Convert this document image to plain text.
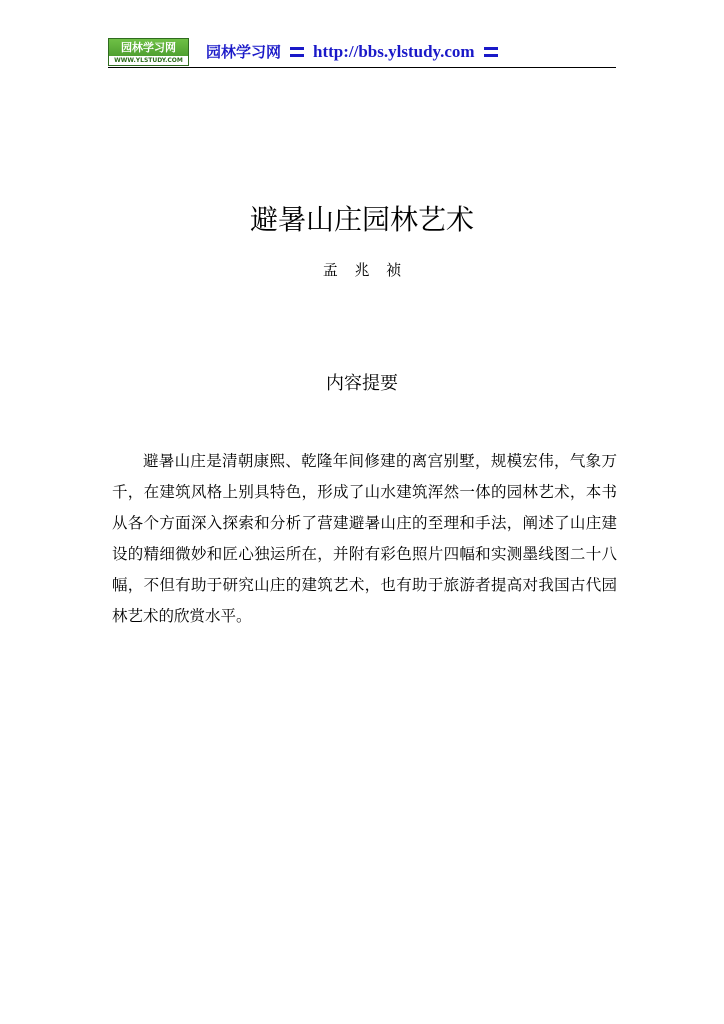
园林学习网
WWW.YLSTUDY.COM	园林学习网 http://bbs.ylstudy.com
避暑山庄园林艺术
孟 兆 祯
内容提要

避暑山庄是清朝康熙、乾隆年间修建的离宫别墅，规模宏伟，气象万千，在建筑风格上别具特色，形成了山水建筑浑然一体的园林艺术，本书从各个方面深入探索和分析了营建避暑山庄的至理和手法，阐述了山庄建设的精细微妙和匠心独运所在，并附有彩色照片四幅和实测墨线图二十八幅，不但有助于研究山庄的建筑艺术，也有助于旅游者提高对我国古代园林艺术的欣赏水平。
